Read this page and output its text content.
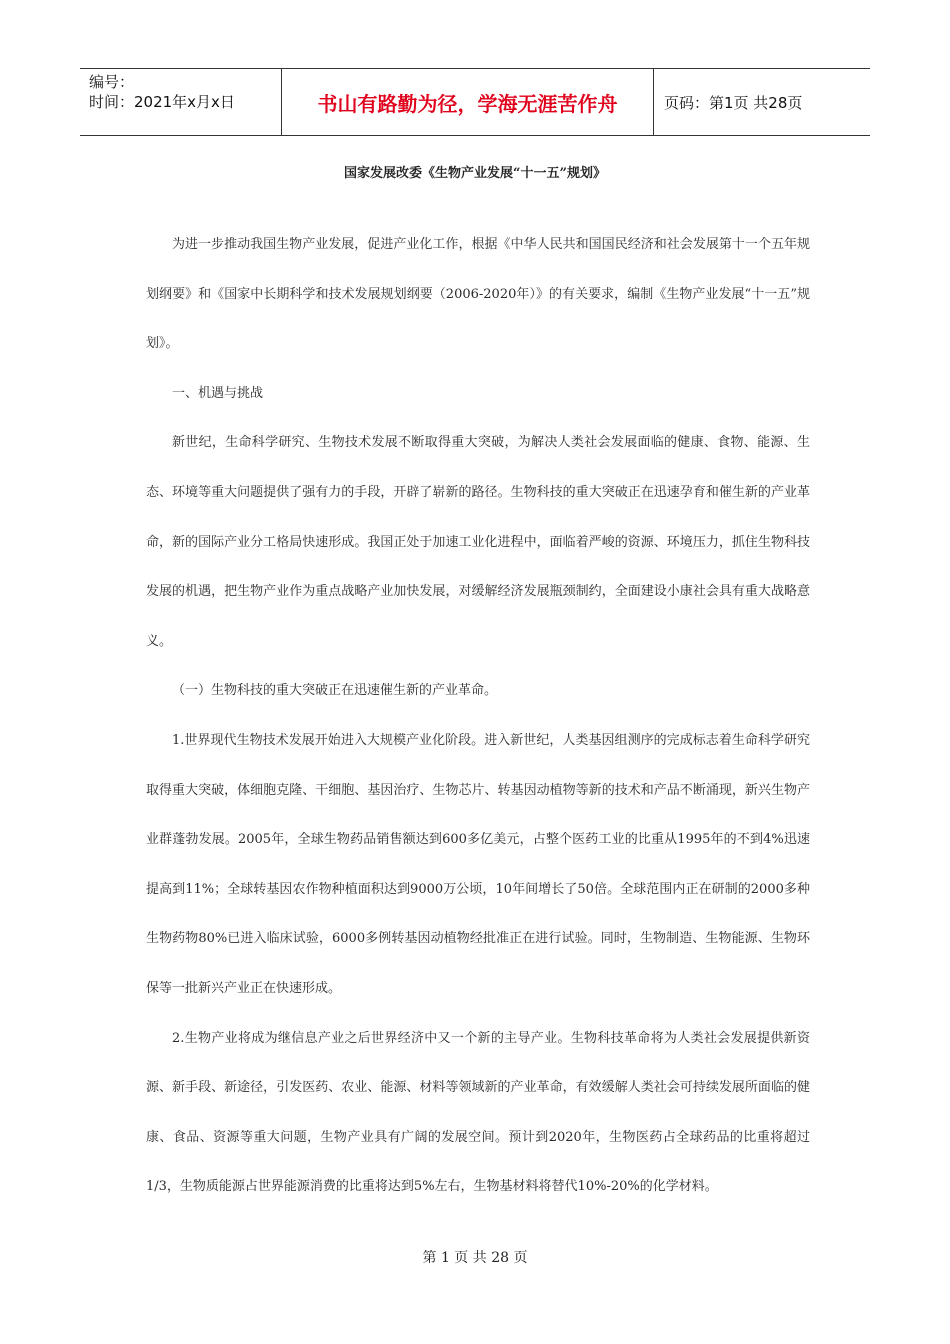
编号：
时间：2021年x月x日	书山有路勤为径，学海无涯苦作舟	页码：第1页 共28页
国家发展改委《生物产业发展“十一五”规划》

为进一步推动我国生物产业发展，促进产业化工作，根据《中华人民共和国国民经济和社会发展第十一个五年规划纲要》和《国家中长期科学和技术发展规划纲要（2006-2020年）》的有关要求，编制《生物产业发展“十一五”规划》。

一、机遇与挑战

新世纪，生命科学研究、生物技术发展不断取得重大突破，为解决人类社会发展面临的健康、食物、能源、生态、环境等重大问题提供了强有力的手段，开辟了崭新的路径。生物科技的重大突破正在迅速孕育和催生新的产业革命，新的国际产业分工格局快速形成。我国正处于加速工业化进程中，面临着严峻的资源、环境压力，抓住生物科技发展的机遇，把生物产业作为重点战略产业加快发展，对缓解经济发展瓶颈制约，全面建设小康社会具有重大战略意义。

（一）生物科技的重大突破正在迅速催生新的产业革命。

1.世界现代生物技术发展开始进入大规模产业化阶段。进入新世纪，人类基因组测序的完成标志着生命科学研究取得重大突破，体细胞克隆、干细胞、基因治疗、生物芯片、转基因动植物等新的技术和产品不断涌现，新兴生物产业群蓬勃发展。2005年，全球生物药品销售额达到600多亿美元，占整个医药工业的比重从1995年的不到4%迅速提高到11%；全球转基因农作物种植面积达到9000万公顷，10年间增长了50倍。全球范围内正在研制的2000多种生物药物80%已进入临床试验，6000多例转基因动植物经批准正在进行试验。同时，生物制造、生物能源、生物环保等一批新兴产业正在快速形成。

2.生物产业将成为继信息产业之后世界经济中又一个新的主导产业。生物科技革命将为人类社会发展提供新资源、新手段、新途径，引发医药、农业、能源、材料等领域新的产业革命，有效缓解人类社会可持续发展所面临的健康、食品、资源等重大问题，生物产业具有广阔的发展空间。预计到2020年，生物医药占全球药品的比重将超过1/3，生物质能源占世界能源消费的比重将达到5%左右，生物基材料将替代10%-20%的化学材料。

第 1 页 共 28 页
